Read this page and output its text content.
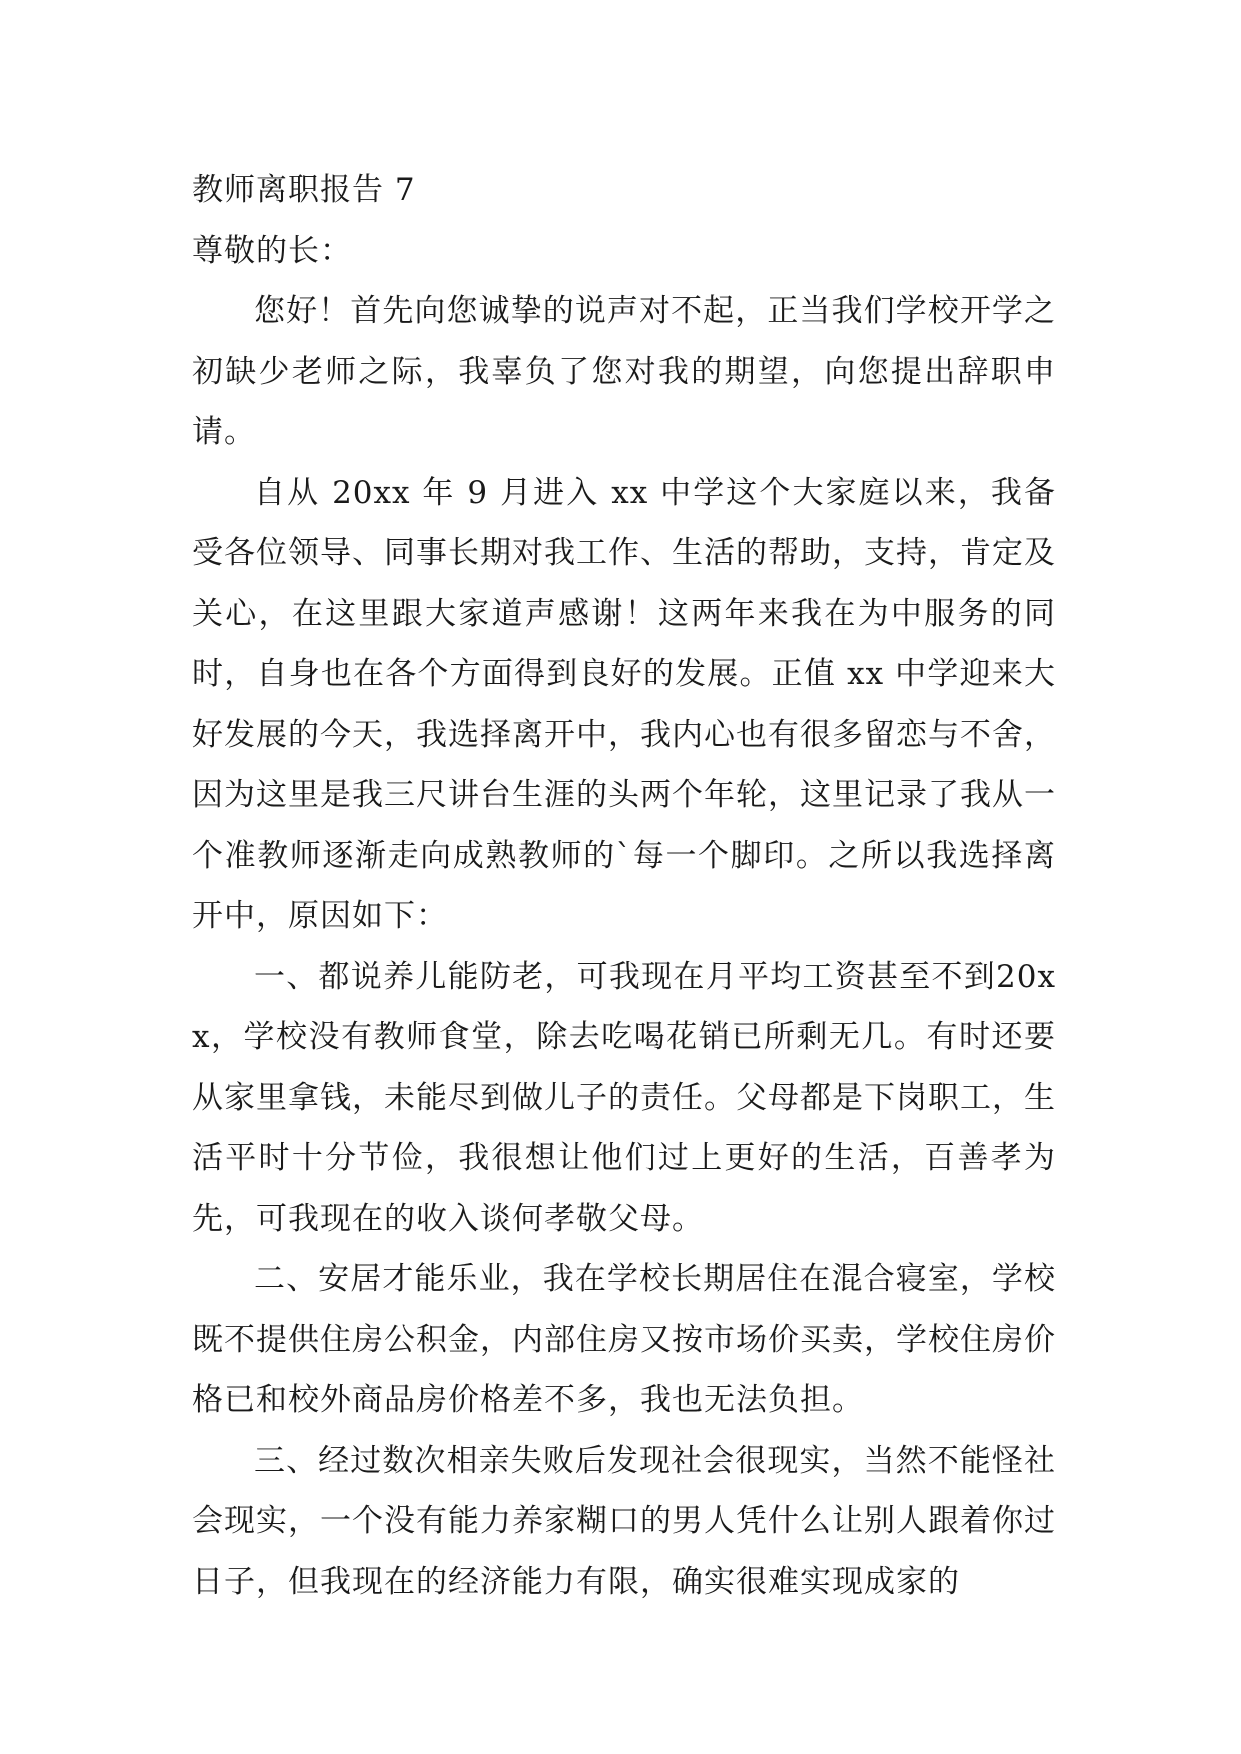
教师离职报告 7

尊敬的长：

您好！首先向您诚挚的说声对不起，正当我们学校开学之初缺少老师之际，我辜负了您对我的期望，向您提出辞职申请。

自从 20xx 年 9 月进入 xx 中学这个大家庭以来，我备受各位领导、同事长期对我工作、生活的帮助，支持，肯定及关心，在这里跟大家道声感谢！这两年来我在为中服务的同时，自身也在各个方面得到良好的发展。正值 xx 中学迎来大好发展的今天，我选择离开中，我内心也有很多留恋与不舍，因为这里是我三尺讲台生涯的头两个年轮，这里记录了我从一个准教师逐渐走向成熟教师的`每一个脚印。之所以我选择离开中，原因如下：

一、都说养儿能防老，可我现在月平均工资甚至不到20xx，学校没有教师食堂，除去吃喝花销已所剩无几。有时还要从家里拿钱，未能尽到做儿子的责任。父母都是下岗职工，生活平时十分节俭，我很想让他们过上更好的生活，百善孝为先，可我现在的收入谈何孝敬父母。

二、安居才能乐业，我在学校长期居住在混合寝室，学校既不提供住房公积金，内部住房又按市场价买卖，学校住房价格已和校外商品房价格差不多，我也无法负担。

三、经过数次相亲失败后发现社会很现实，当然不能怪社会现实，一个没有能力养家糊口的男人凭什么让别人跟着你过日子，但我现在的经济能力有限，确实很难实现成家的
